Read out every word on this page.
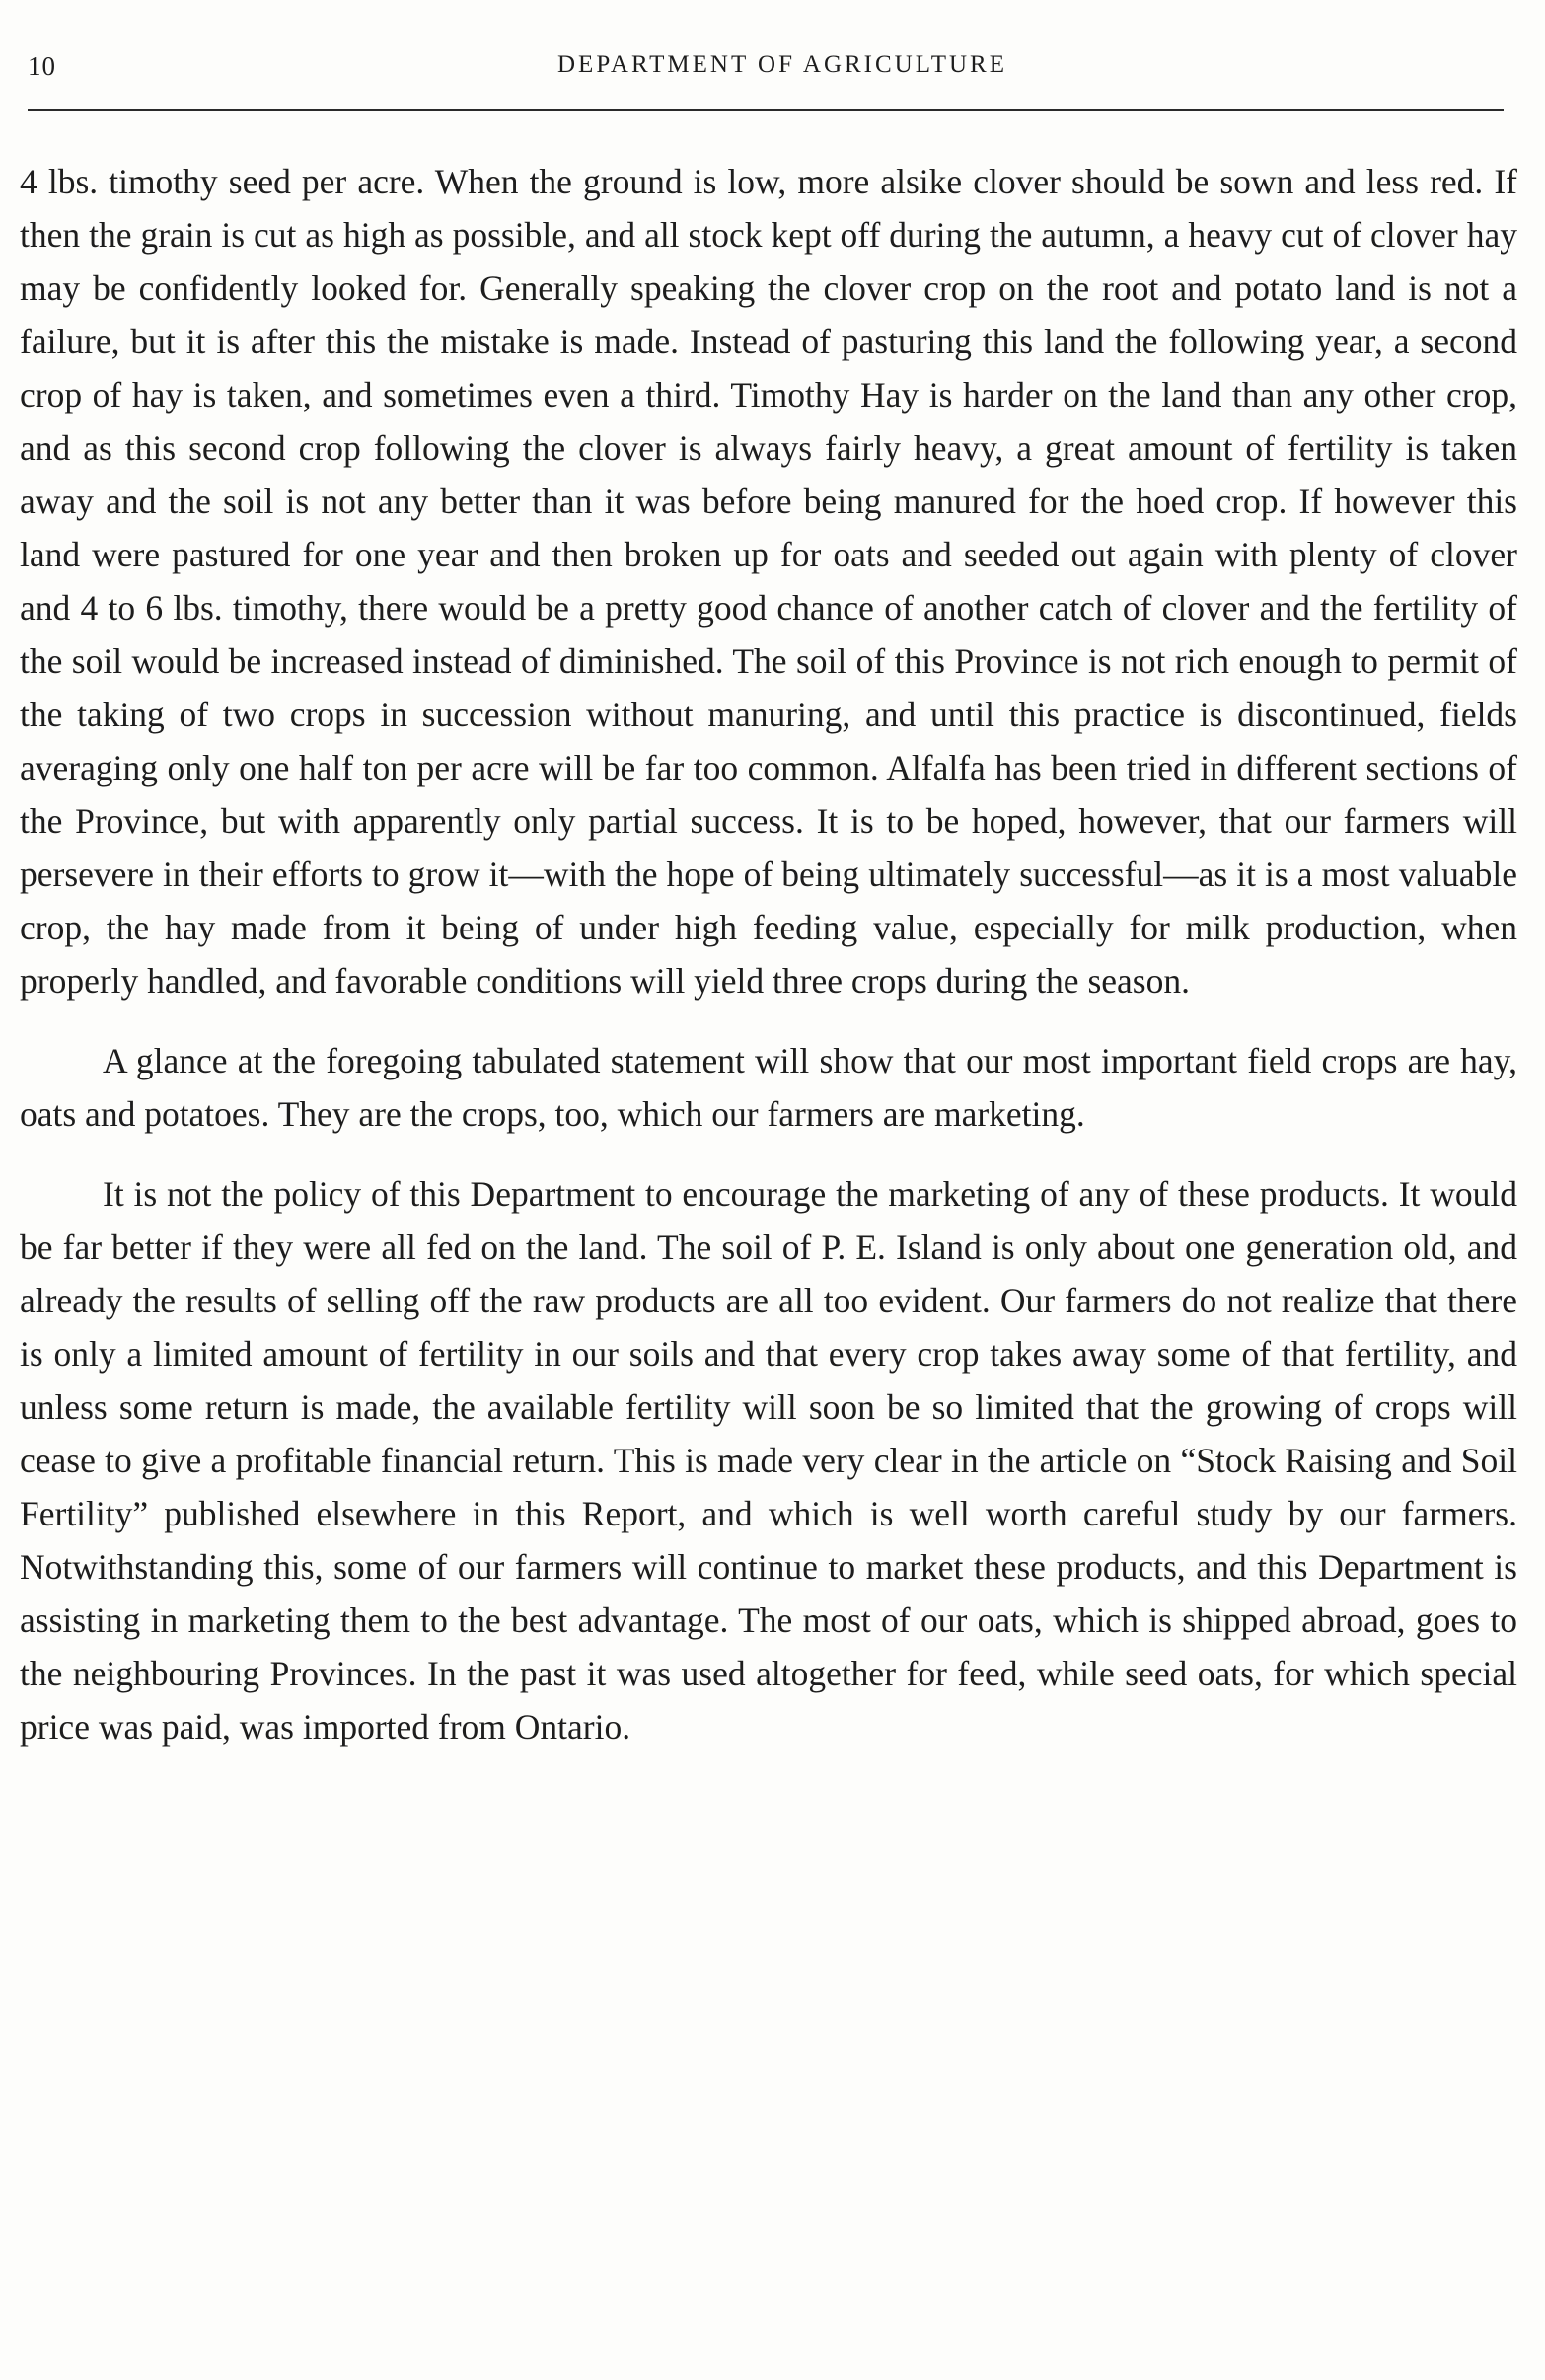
10	DEPARTMENT OF AGRICULTURE

4 lbs. timothy seed per acre. When the ground is low, more alsike clover should be sown and less red. If then the grain is cut as high as possible, and all stock kept off during the autumn, a heavy cut of clover hay may be confidently looked for. Generally speaking the clover crop on the root and potato land is not a failure, but it is after this the mistake is made. Instead of pasturing this land the following year, a second crop of hay is taken, and sometimes even a third. Timothy Hay is harder on the land than any other crop, and as this second crop following the clover is always fairly heavy, a great amount of fertility is taken away and the soil is not any better than it was before being manured for the hoed crop. If however this land were pastured for one year and then broken up for oats and seeded out again with plenty of clover and 4 to 6 lbs. timothy, there would be a pretty good chance of another catch of clover and the fertility of the soil would be increased instead of diminished. The soil of this Province is not rich enough to permit of the taking of two crops in succession without manuring, and until this practice is discontinued, fields averaging only one half ton per acre will be far too common. Alfalfa has been tried in different sections of the Province, but with apparently only partial success. It is to be hoped, however, that our farmers will persevere in their efforts to grow it—with the hope of being ultimately successful—as it is a most valuable crop, the hay made from it being of under high feeding value, especially for milk production, when properly handled, and favorable conditions will yield three crops during the season.

A glance at the foregoing tabulated statement will show that our most important field crops are hay, oats and potatoes. They are the crops, too, which our farmers are marketing.

It is not the policy of this Department to encourage the marketing of any of these products. It would be far better if they were all fed on the land. The soil of P. E. Island is only about one generation old, and already the results of selling off the raw products are all too evident. Our farmers do not realize that there is only a limited amount of fertility in our soils and that every crop takes away some of that fertility, and unless some return is made, the available fertility will soon be so limited that the growing of crops will cease to give a profitable financial return. This is made very clear in the article on “Stock Raising and Soil Fertility” published elsewhere in this Report, and which is well worth careful study by our farmers. Notwithstanding this, some of our farmers will continue to market these products, and this Department is assisting in marketing them to the best advantage. The most of our oats, which is shipped abroad, goes to the neighbouring Provinces. In the past it was used altogether for feed, while seed oats, for which special price was paid, was imported from Ontario.
